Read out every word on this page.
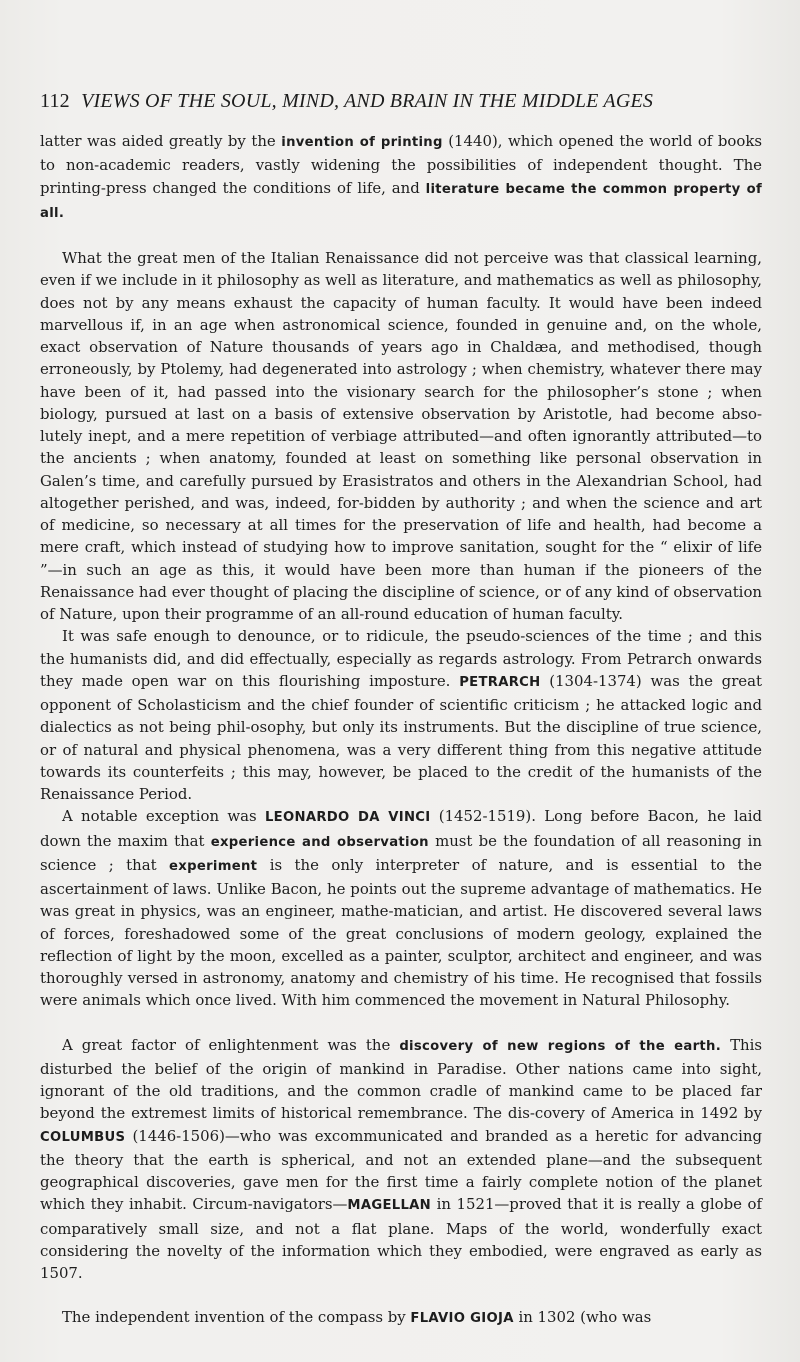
112 VIEWS OF THE SOUL, MIND, AND BRAIN IN THE MIDDLE AGES

latter was aided greatly by the invention of printing (1440), which opened the world of books to non-academic readers, vastly widening the possibilities of independent thought. The printing-press changed the conditions of life, and literature became the common property of all.

What the great men of the Italian Renaissance did not perceive was that classical learning, even if we include in it philosophy as well as literature, and mathematics as well as philosophy, does not by any means exhaust the capacity of human faculty. It would have been indeed marvellous if, in an age when astronomical science, founded in genuine and, on the whole, exact observation of Nature thousands of years ago in Chaldæa, and methodised, though erroneously, by Ptolemy, had degenerated into astrology ; when chemistry, whatever there may have been of it, had passed into the visionary search for the philosopher’s stone ; when biology, pursued at last on a basis of extensive observation by Aristotle, had become abso-lutely inept, and a mere repetition of verbiage attributed—and often ignorantly attributed—to the ancients ; when anatomy, founded at least on something like personal observation in Galen’s time, and carefully pursued by Erasistratos and others in the Alexandrian School, had altogether perished, and was, indeed, for-bidden by authority ; and when the science and art of medicine, so necessary at all times for the preservation of life and health, had become a mere craft, which instead of studying how to improve sanitation, sought for the “ elixir of life ”—in such an age as this, it would have been more than human if the pioneers of the Renaissance had ever thought of placing the discipline of science, or of any kind of observation of Nature, upon their programme of an all-round education of human faculty.

It was safe enough to denounce, or to ridicule, the pseudo-sciences of the time ; and this the humanists did, and did effectually, especially as regards astrology. From Petrarch onwards they made open war on this flourishing imposture. PETRARCH (1304-1374) was the great opponent of Scholasticism and the chief founder of scientific criticism ; he attacked logic and dialectics as not being phil-osophy, but only its instruments. But the discipline of true science, or of natural and physical phenomena, was a very different thing from this negative attitude towards its counterfeits ; this may, however, be placed to the credit of the humanists of the Renaissance Period.

A notable exception was LEONARDO DA VINCI (1452-1519). Long before Bacon, he laid down the maxim that experience and observation must be the foundation of all reasoning in science ; that experiment is the only interpreter of nature, and is essential to the ascertainment of laws. Unlike Bacon, he points out the supreme advantage of mathematics. He was great in physics, was an engineer, mathe-matician, and artist. He discovered several laws of forces, foreshadowed some of the great conclusions of modern geology, explained the reflection of light by the moon, excelled as a painter, sculptor, architect and engineer, and was thoroughly versed in astronomy, anatomy and chemistry of his time. He recognised that fossils were animals which once lived. With him commenced the movement in Natural Philosophy.

A great factor of enlightenment was the discovery of new regions of the earth. This disturbed the belief of the origin of mankind in Paradise. Other nations came into sight, ignorant of the old traditions, and the common cradle of mankind came to be placed far beyond the extremest limits of historical remembrance. The dis-covery of America in 1492 by COLUMBUS (1446-1506)—who was excommunicated and branded as a heretic for advancing the theory that the earth is spherical, and not an extended plane—and the subsequent geographical discoveries, gave men for the first time a fairly complete notion of the planet which they inhabit. Circum-navigators—MAGELLAN in 1521—proved that it is really a globe of comparatively small size, and not a flat plane. Maps of the world, wonderfully exact considering the novelty of the information which they embodied, were engraved as early as 1507.

The independent invention of the compass by FLAVIO GIOJA in 1302 (who was
